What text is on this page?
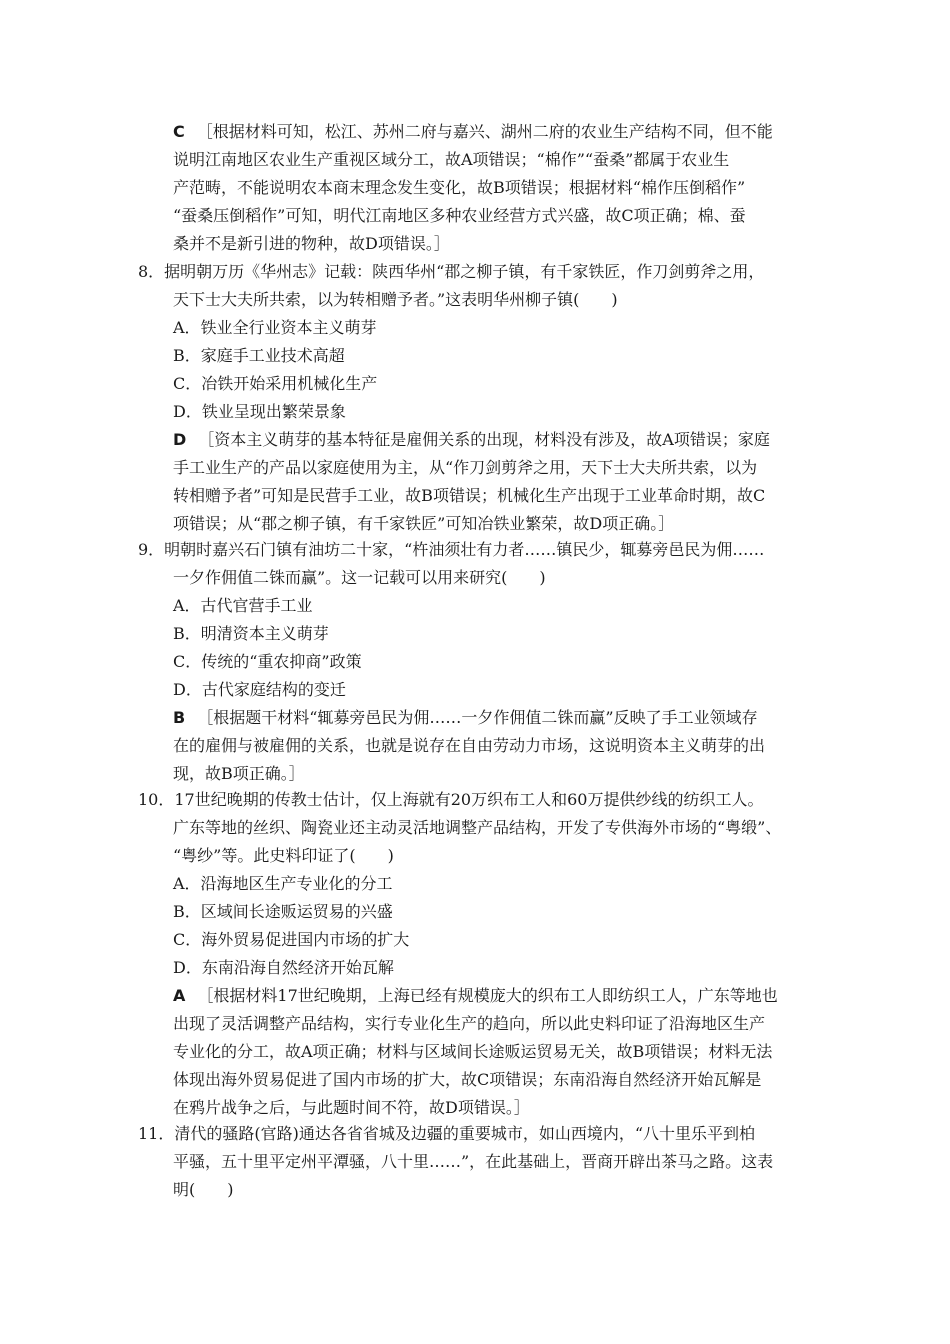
C ［根据材料可知，松江、苏州二府与嘉兴、湖州二府的农业生产结构不同，但不能
说明江南地区农业生产重视区域分工，故A项错误；“棉作”“蚕桑”都属于农业生
产范畴，不能说明农本商末理念发生变化，故B项错误；根据材料“棉作压倒稻作”
“蚕桑压倒稻作”可知，明代江南地区多种农业经营方式兴盛，故C项正确；棉、蚕
桑并不是新引进的物种，故D项错误。］
8．据明朝万历《华州志》记载：陕西华州“郡之柳子镇，有千家铁匠，作刀剑剪斧之用，
天下士大夫所共索，以为转相赠予者。”这表明华州柳子镇(　　)
A．铁业全行业资本主义萌芽
B．家庭手工业技术高超
C．冶铁开始采用机械化生产
D．铁业呈现出繁荣景象
D ［资本主义萌芽的基本特征是雇佣关系的出现，材料没有涉及，故A项错误；家庭
手工业生产的产品以家庭使用为主，从“作刀剑剪斧之用，天下士大夫所共索，以为
转相赠予者”可知是民营手工业，故B项错误；机械化生产出现于工业革命时期，故C
项错误；从“郡之柳子镇，有千家铁匠”可知冶铁业繁荣，故D项正确。］
9．明朝时嘉兴石门镇有油坊二十家，“杵油须壮有力者……镇民少，辄募旁邑民为佣……
一夕作佣值二铢而赢”。这一记载可以用来研究(　　)
A．古代官营手工业
B．明清资本主义萌芽
C．传统的“重农抑商”政策
D．古代家庭结构的变迁
B ［根据题干材料“辄募旁邑民为佣……一夕作佣值二铢而赢”反映了手工业领域存
在的雇佣与被雇佣的关系，也就是说存在自由劳动力市场，这说明资本主义萌芽的出
现，故B项正确。］
10．17世纪晚期的传教士估计，仅上海就有20万织布工人和60万提供纱线的纺织工人。
广东等地的丝织、陶瓷业还主动灵活地调整产品结构，开发了专供海外市场的“粤缎”、
“粤纱”等。此史料印证了(　　)
A．沿海地区生产专业化的分工
B．区域间长途贩运贸易的兴盛
C．海外贸易促进国内市场的扩大
D．东南沿海自然经济开始瓦解
A ［根据材料17世纪晚期，上海已经有规模庞大的织布工人即纺织工人，广东等地也
出现了灵活调整产品结构，实行专业化生产的趋向，所以此史料印证了沿海地区生产
专业化的分工，故A项正确；材料与区域间长途贩运贸易无关，故B项错误；材料无法
体现出海外贸易促进了国内市场的扩大，故C项错误；东南沿海自然经济开始瓦解是
在鸦片战争之后，与此题时间不符，故D项错误。］
11．清代的骚路(官路)通达各省省城及边疆的重要城市，如山西境内，“八十里乐平到柏
平骚，五十里平定州平潭骚，八十里……”，在此基础上，晋商开辟出茶马之路。这表
明(　　)
